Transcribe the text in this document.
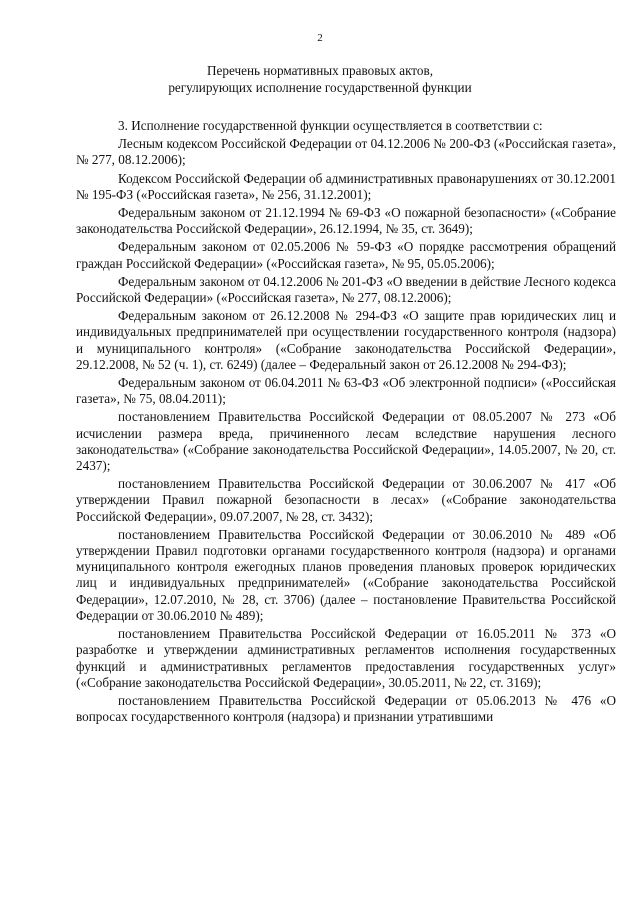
2
Перечень нормативных правовых актов,
регулирующих исполнение государственной функции

3. Исполнение государственной функции осуществляется в соответствии с:

Лесным кодексом Российской Федерации от 04.12.2006 № 200-ФЗ («Российская газета», № 277, 08.12.2006);

Кодексом Российской Федерации об административных правонарушениях от 30.12.2001 № 195-ФЗ («Российская газета», № 256, 31.12.2001);

Федеральным законом от 21.12.1994 № 69-ФЗ «О пожарной безопасности» («Собрание законодательства Российской Федерации», 26.12.1994, № 35, ст. 3649);

Федеральным законом от 02.05.2006 № 59-ФЗ «О порядке рассмотрения обращений граждан Российской Федерации» («Российская газета», № 95, 05.05.2006);

Федеральным законом от 04.12.2006 № 201-ФЗ «О введении в действие Лесного кодекса Российской Федерации» («Российская газета», № 277, 08.12.2006);

Федеральным законом от 26.12.2008 № 294-ФЗ «О защите прав юридических лиц и индивидуальных предпринимателей при осуществлении государственного контроля (надзора) и муниципального контроля» («Собрание законодательства Российской Федерации», 29.12.2008, № 52 (ч. 1), ст. 6249) (далее – Федеральный закон от 26.12.2008 № 294-ФЗ);

Федеральным законом от 06.04.2011 № 63-ФЗ «Об электронной подписи» («Российская газета», № 75, 08.04.2011);

постановлением Правительства Российской Федерации от 08.05.2007 № 273 «Об исчислении размера вреда, причиненного лесам вследствие нарушения лесного законодательства» («Собрание законодательства Российской Федерации», 14.05.2007, № 20, ст. 2437);

постановлением Правительства Российской Федерации от 30.06.2007 № 417 «Об утверждении Правил пожарной безопасности в лесах» («Собрание законодательства Российской Федерации», 09.07.2007, № 28, ст. 3432);

постановлением Правительства Российской Федерации от 30.06.2010 № 489 «Об утверждении Правил подготовки органами государственного контроля (надзора) и органами муниципального контроля ежегодных планов проведения плановых проверок юридических лиц и индивидуальных предпринимателей» («Собрание законодательства Российской Федерации», 12.07.2010, № 28, ст. 3706) (далее – постановление Правительства Российской Федерации от 30.06.2010 № 489);

постановлением Правительства Российской Федерации от 16.05.2011 № 373 «О разработке и утверждении административных регламентов исполнения государственных функций и административных регламентов предоставления государственных услуг» («Собрание законодательства Российской Федерации», 30.05.2011, № 22, ст. 3169);

постановлением Правительства Российской Федерации от 05.06.2013 № 476 «О вопросах государственного контроля (надзора) и признании утратившими
